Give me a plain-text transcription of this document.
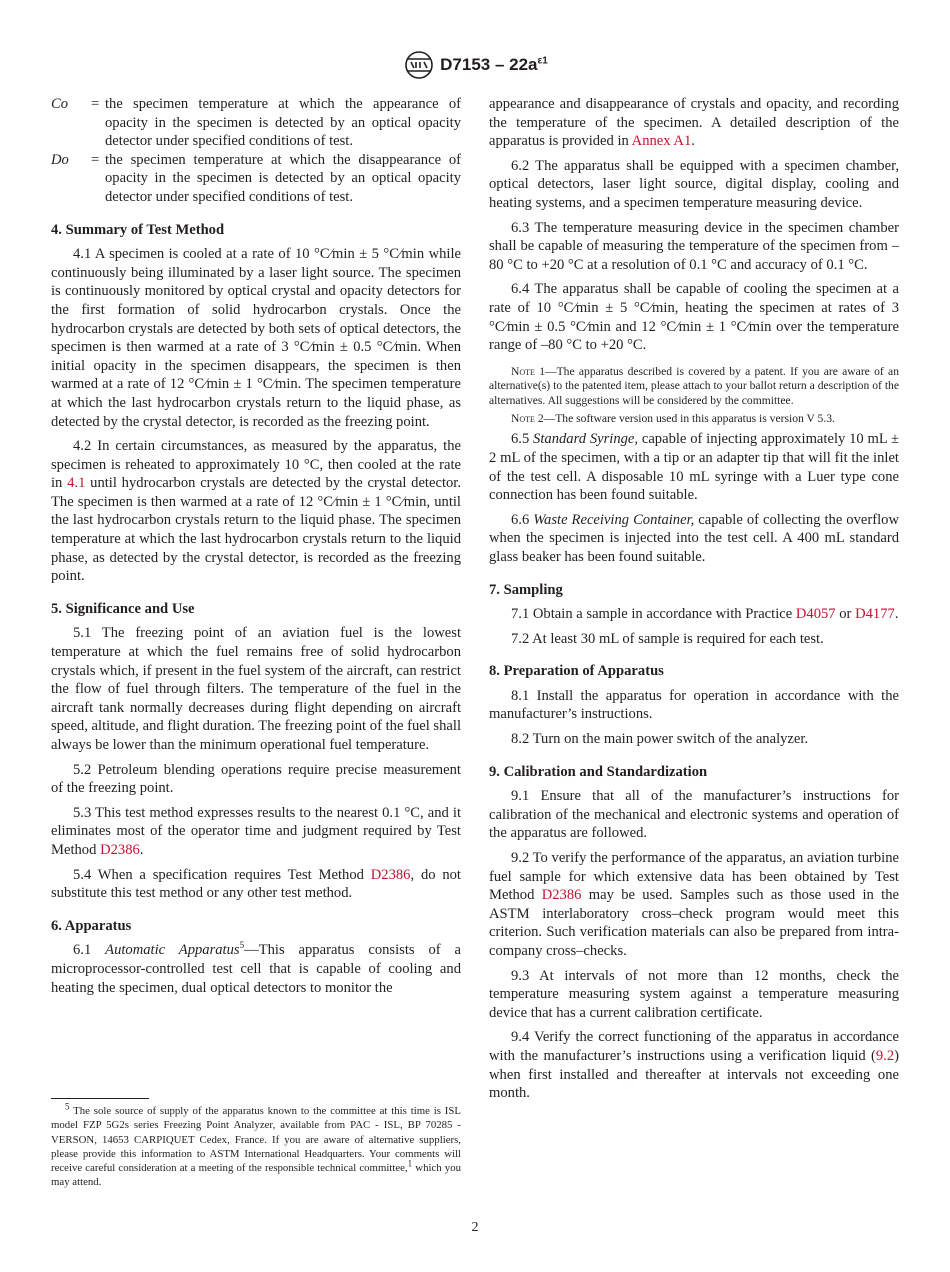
$D7153 - 22a^{\varepsilon 1}$
Co	= the specimen temperature at which the appearance of opacity in the specimen is detected by an optical opacity detector under specified conditions of test.
Do	= the specimen temperature at which the disappearance of opacity in the specimen is detected by an optical opacity detector under specified conditions of test.
4. Summary of Test Method

4.1 A specimen is cooled at a rate of 10 °C⁄min ± 5 °C⁄min while continuously being illuminated by a laser light source. The specimen is continuously monitored by optical crystal and opacity detectors for the first formation of solid hydrocarbon crystals. Once the hydrocarbon crystals are detected by both sets of optical detectors, the specimen is then warmed at a rate of 3 °C⁄min ± 0.5 °C⁄min. When initial opacity in the specimen disappears, the specimen is then warmed at a rate of 12 °C⁄min ± 1 °C⁄min. The specimen temperature at which the last hydrocarbon crystals return to the liquid phase, as detected by the crystal detector, is recorded as the freezing point.

4.2 In certain circumstances, as measured by the apparatus, the specimen is reheated to approximately 10 °C, then cooled at the rate in 4.1 until hydrocarbon crystals are detected by the crystal detector. The specimen is then warmed at a rate of 12 °C⁄min ± 1 °C⁄min, until the last hydrocarbon crystals return to the liquid phase. The specimen temperature at which the last hydrocarbon crystals return to the liquid phase, as detected by the crystal detector, is recorded as the freezing point.

5. Significance and Use

5.1 The freezing point of an aviation fuel is the lowest temperature at which the fuel remains free of solid hydrocarbon crystals which, if present in the fuel system of the aircraft, can restrict the flow of fuel through filters. The temperature of the fuel in the aircraft tank normally decreases during flight depending on aircraft speed, altitude, and flight duration. The freezing point of the fuel shall always be lower than the minimum operational fuel temperature.

5.2 Petroleum blending operations require precise measurement of the freezing point.

5.3 This test method expresses results to the nearest 0.1 °C, and it eliminates most of the operator time and judgment required by Test Method D2386.

5.4 When a specification requires Test Method D2386, do not substitute this test method or any other test method.

6. Apparatus

6.1 Automatic Apparatus$^5$—This apparatus consists of a microprocessor-controlled test cell that is capable of cooling and heating the specimen, dual optical detectors to monitor the

$^5$ The sole source of supply of the apparatus known to the committee at this time is ISL model FZP 5G2s series Freezing Point Analyzer, available from PAC - ISL, BP 70285 - VERSON, 14653 CARPIQUET Cedex, France. If you are aware of alternative suppliers, please provide this information to ASTM International Headquarters. Your comments will receive careful consideration at a meeting of the responsible technical committee,$^1$ which you may attend.

appearance and disappearance of crystals and opacity, and recording the temperature of the specimen. A detailed description of the apparatus is provided in Annex A1.

6.2 The apparatus shall be equipped with a specimen chamber, optical detectors, laser light source, digital display, cooling and heating systems, and a specimen temperature measuring device.

6.3 The temperature measuring device in the specimen chamber shall be capable of measuring the temperature of the specimen from –80 °C to +20 °C at a resolution of 0.1 °C and accuracy of 0.1 °C.

6.4 The apparatus shall be capable of cooling the specimen at a rate of 10 °C⁄min ± 5 °C⁄min, heating the specimen at rates of 3 °C⁄min ± 0.5 °C⁄min and 12 °C⁄min ± 1 °C⁄min over the temperature range of –80 °C to +20 °C.

Note 1—The apparatus described is covered by a patent. If you are aware of an alternative(s) to the patented item, please attach to your ballot return a description of the alternatives. All suggestions will be considered by the committee.
Note 2—The software version used in this apparatus is version V 5.3.

6.5 Standard Syringe, capable of injecting approximately 10 mL ± 2 mL of the specimen, with a tip or an adapter tip that will fit the inlet of the test cell. A disposable 10 mL syringe with a Luer type cone connection has been found suitable.

6.6 Waste Receiving Container, capable of collecting the overflow when the specimen is injected into the test cell. A 400 mL standard glass beaker has been found suitable.

7. Sampling

7.1 Obtain a sample in accordance with Practice D4057 or D4177.

7.2 At least 30 mL of sample is required for each test.

8. Preparation of Apparatus

8.1 Install the apparatus for operation in accordance with the manufacturer’s instructions.

8.2 Turn on the main power switch of the analyzer.

9. Calibration and Standardization

9.1 Ensure that all of the manufacturer’s instructions for calibration of the mechanical and electronic systems and operation of the apparatus are followed.

9.2 To verify the performance of the apparatus, an aviation turbine fuel sample for which extensive data has been obtained by Test Method D2386 may be used. Samples such as those used in the ASTM interlaboratory cross–check program would meet this criterion. Such verification materials can also be prepared from intra-company cross–checks.

9.3 At intervals of not more than 12 months, check the temperature measuring system against a temperature measuring device that has a current calibration certificate.

9.4 Verify the correct functioning of the apparatus in accordance with the manufacturer’s instructions using a verification liquid (9.2) when first installed and thereafter at intervals not exceeding one month.

2
